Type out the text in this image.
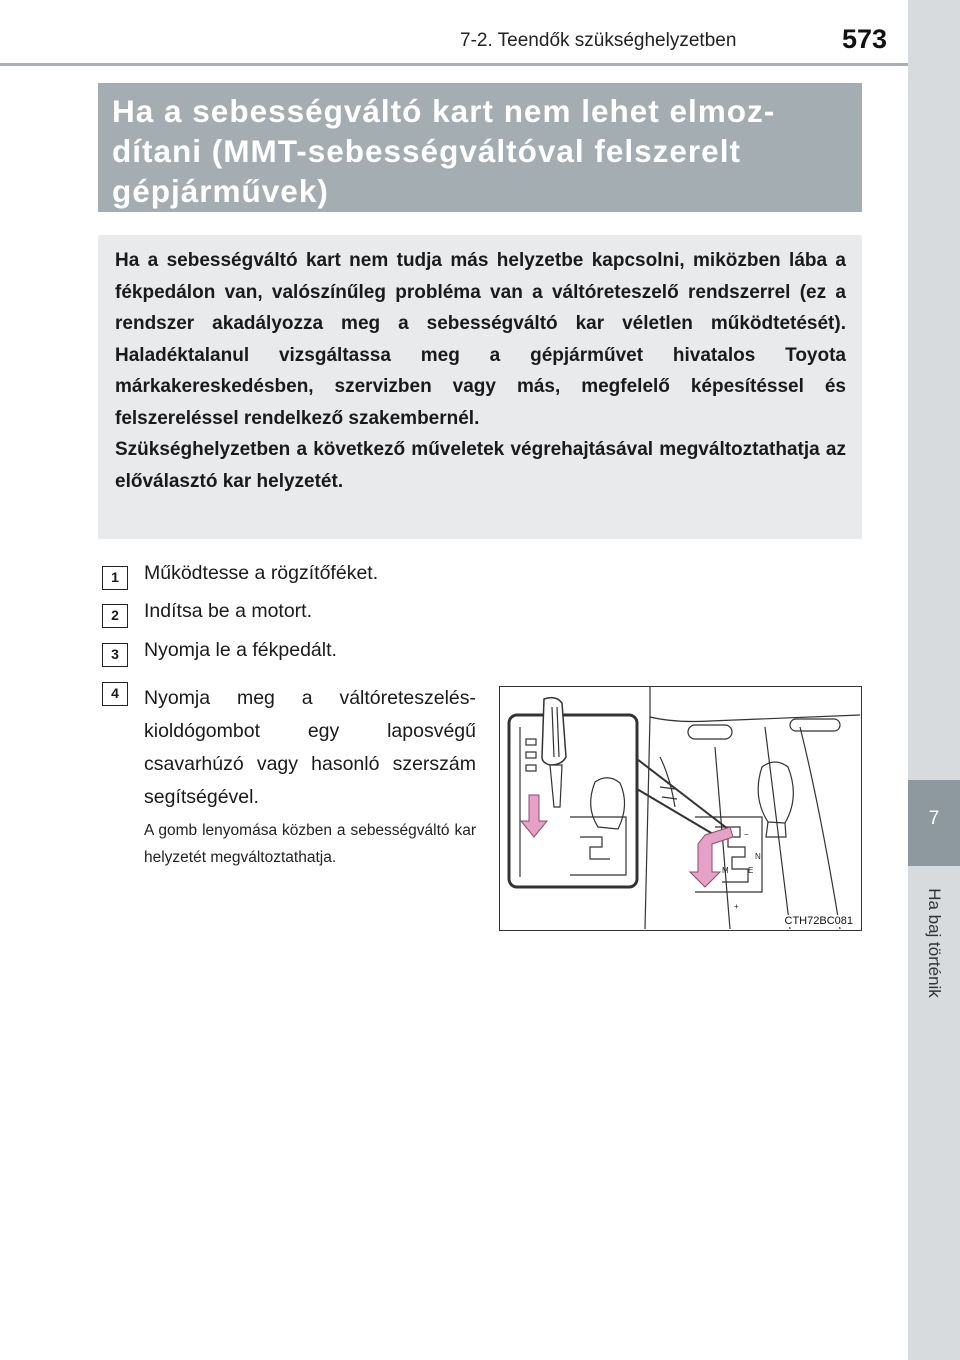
7-2. Teendők szükséghelyzetben	573
7
Ha baj történik
Ha a sebességváltó kart nem lehet elmoz-
dítani (MMT-sebességváltóval felszerelt
gépjárművek)

Ha a sebességváltó kart nem tudja más helyzetbe kapcsolni, miközben lába a fékpedálon van, valószínűleg probléma van a váltóreteszelő rendszerrel (ez a rendszer akadályozza meg a sebességváltó kar véletlen működtetését). Haladéktalanul vizsgáltassa meg a gépjárművet hivatalos Toyota márkakereskedésben, szervizben vagy más, megfelelő képesítéssel és felszereléssel rendelkező szakembernél.

Szükséghelyzetben a következő műveletek végrehajtásával megváltoztathatja az előválasztó kar helyzetét.

1	Működtesse a rögzítőféket.
2	Indítsa be a motort.
3	Nyomja le a fékpedált.
4	Nyomja meg a váltóreteszelés-kioldógombot egy laposvégű csavarhúzó vagy hasonló szerszám segítségével.
A gomb lenyomása közben a sebességváltó kar helyzetét megváltoztathatja.	N
M E
+
−
CTH72BC081
